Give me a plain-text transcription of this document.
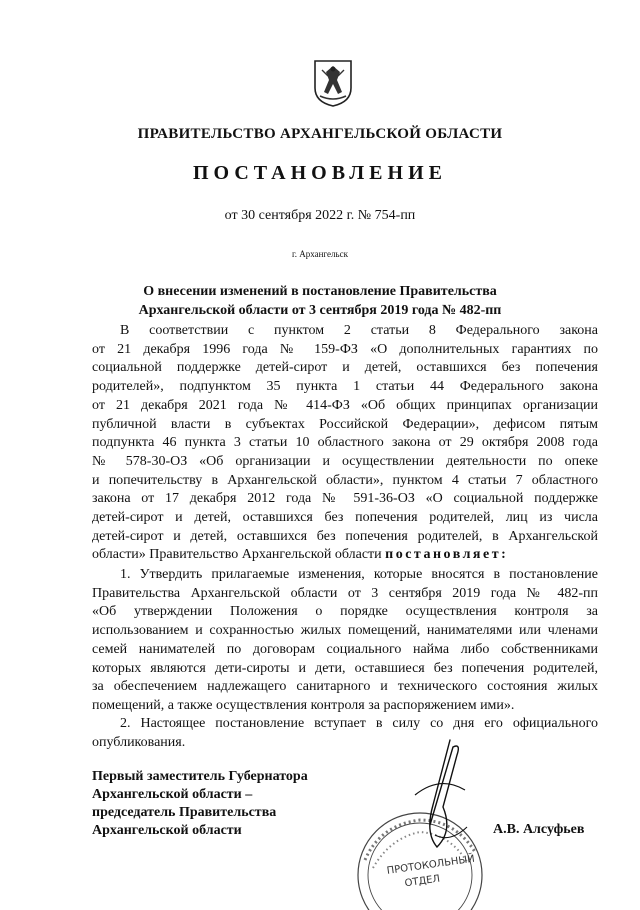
ПРАВИТЕЛЬСТВО АРХАНГЕЛЬСКОЙ ОБЛАСТИ
ПОСТАНОВЛЕНИЕ
от 30 сентября 2022 г. № 754-пп
г. Архангельск
О внесении изменений в постановление Правительства
Архангельской области от 3 сентября 2019 года № 482-пп
В соответствии с пунктом 2 статьи 8 Федерального закона
от 21 декабря 1996 года № 159-ФЗ «О дополнительных гарантиях по
социальной поддержке детей-сирот и детей, оставшихся без попечения
родителей», подпунктом 35 пункта 1 статьи 44 Федерального закона
от 21 декабря 2021 года № 414-ФЗ «Об общих принципах организации
публичной власти в субъектах Российской Федерации», дефисом пятым
подпункта 46 пункта 3 статьи 10 областного закона от 29 октября 2008 года
№ 578-30-ОЗ «Об организации и осуществлении деятельности по опеке
и попечительству в Архангельской области», пунктом 4 статьи 7 областного
закона от 17 декабря 2012 года № 591-36-ОЗ «О социальной поддержке
детей-сирот и детей, оставшихся без попечения родителей, лиц из числа
детей-сирот и детей, оставшихся без попечения родителей, в Архангельской
области» Правительство Архангельской области постановляет:
1. Утвердить прилагаемые изменения, которые вносятся в постановление
Правительства Архангельской области от 3 сентября 2019 года № 482-пп
«Об утверждении Положения о порядке осуществления контроля за
использованием и сохранностью жилых помещений, нанимателями или членами
семей нанимателей по договорам социального найма либо собственниками
которых являются дети-сироты и дети, оставшиеся без попечения родителей,
за обеспечением надлежащего санитарного и технического состояния жилых
помещений, а также осуществления контроля за распоряжением ими».
2. Настоящее постановление вступает в силу со дня его официального
опубликования.
Первый заместитель Губернатора
Архангельской области –
председатель Правительства
Архангельской области	А.В. Алсуфьев
ПРОТОКОЛЬНЫЙ
ОТДЕЛ
